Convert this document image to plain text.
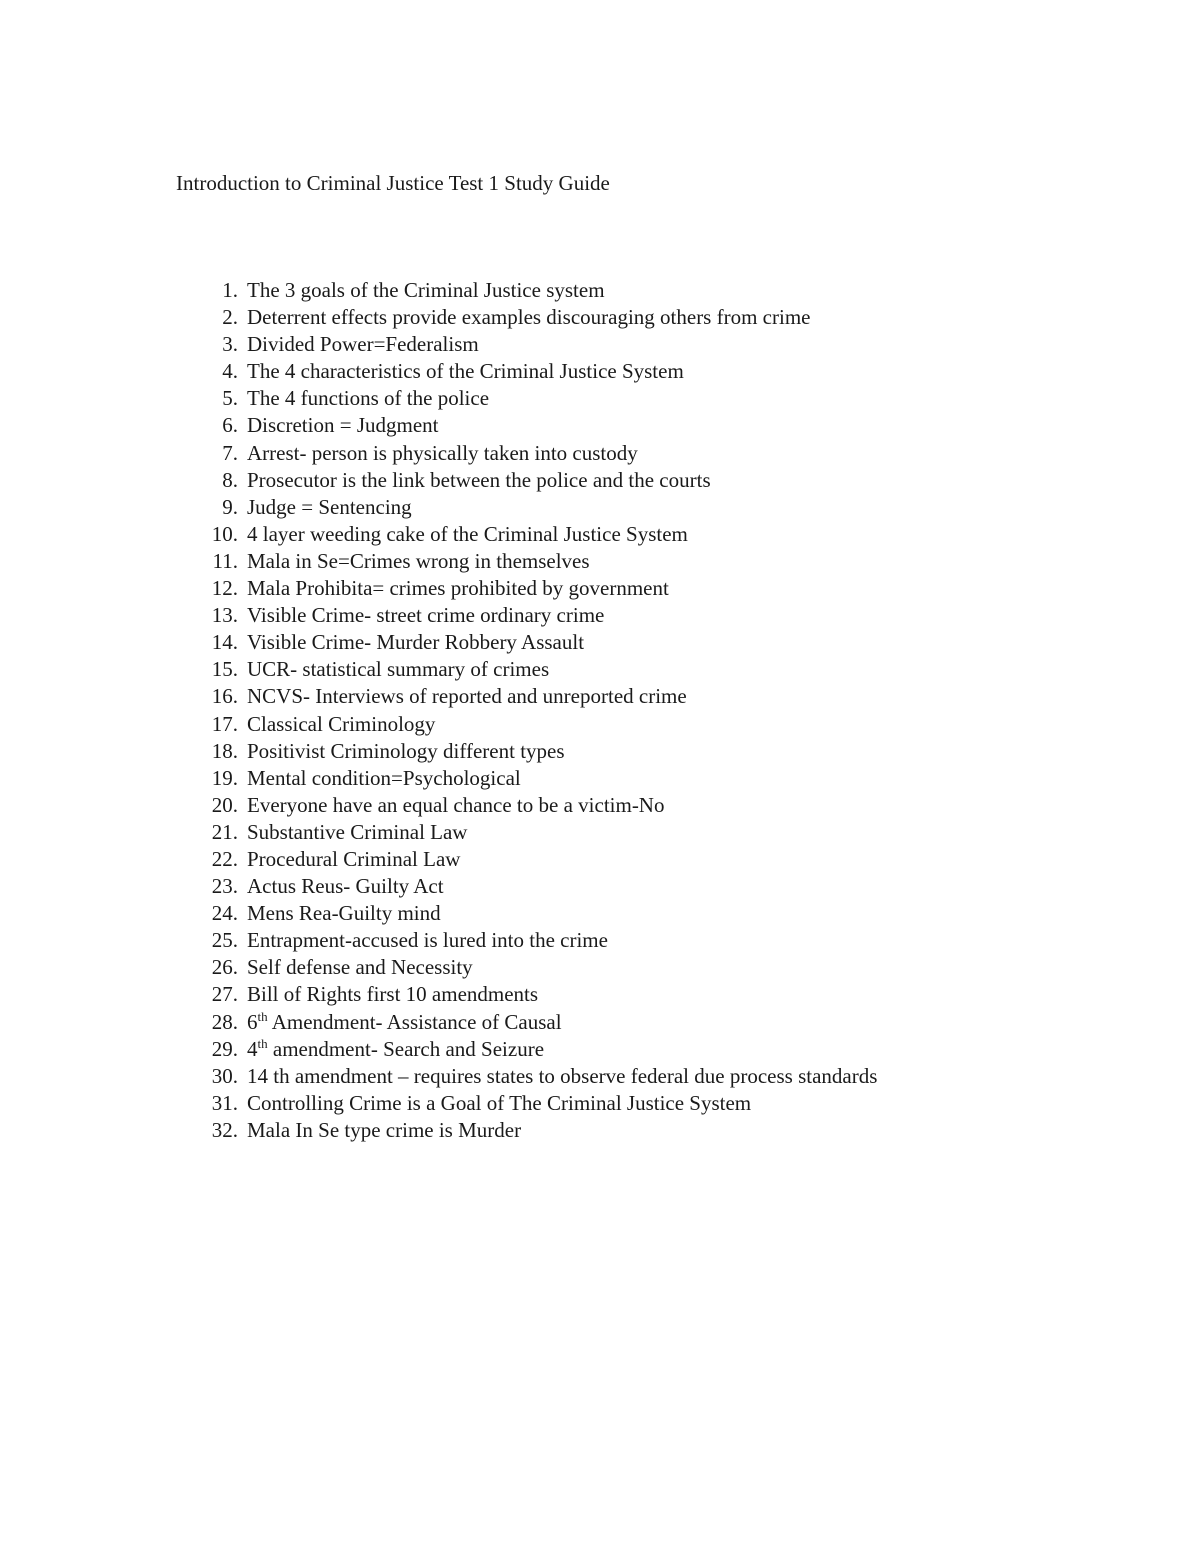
Introduction to Criminal Justice Test 1 Study Guide
1. The 3 goals of the Criminal Justice system
2. Deterrent effects provide examples discouraging others from crime
3. Divided Power=Federalism
4. The 4 characteristics of the Criminal Justice System
5. The 4 functions of the police
6. Discretion = Judgment
7. Arrest- person is physically taken into custody
8. Prosecutor is the link between the police and the courts
9. Judge = Sentencing
10. 4 layer weeding cake of the Criminal Justice System
11. Mala in Se=Crimes wrong in themselves
12. Mala Prohibita= crimes prohibited by government
13. Visible Crime- street crime ordinary crime
14. Visible Crime- Murder Robbery Assault
15. UCR- statistical summary of crimes
16. NCVS- Interviews of reported and unreported crime
17. Classical Criminology
18. Positivist Criminology different types
19. Mental condition=Psychological
20. Everyone have an equal chance to be a victim-No
21. Substantive Criminal Law
22. Procedural Criminal Law
23. Actus Reus- Guilty Act
24. Mens Rea-Guilty mind
25. Entrapment-accused is lured into the crime
26. Self defense and Necessity
27. Bill of Rights first 10 amendments
28. 6th Amendment- Assistance of Causal
29. 4th amendment- Search and Seizure
30. 14 th amendment – requires states to observe federal due process standards
31. Controlling Crime is a Goal of The Criminal Justice System
32. Mala In Se type crime is Murder
